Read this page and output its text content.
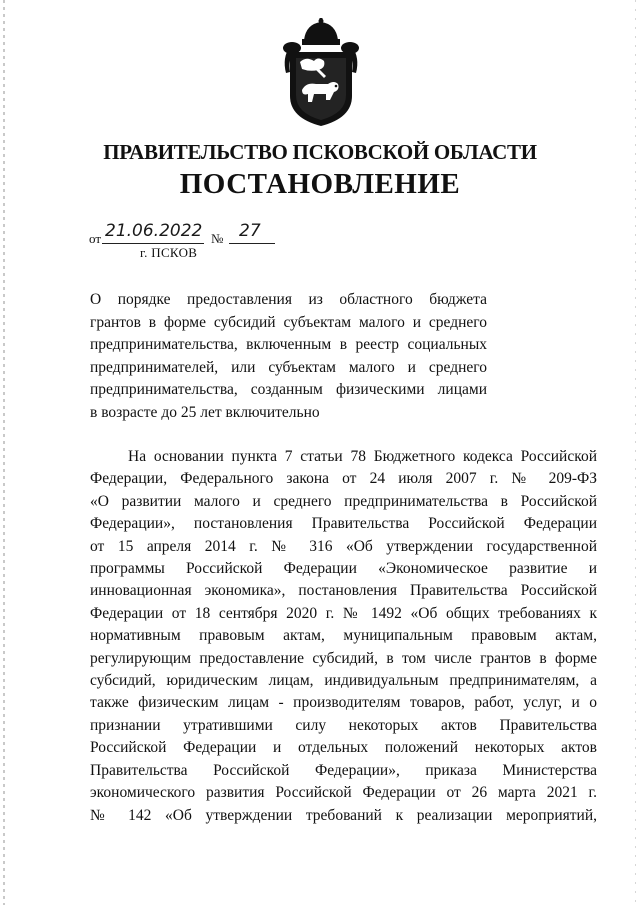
ПРАВИТЕЛЬСТВО ПСКОВСКОЙ ОБЛАСТИ
ПОСТАНОВЛЕНИЕ
от 21.06.2022 № 27
г. ПСКОВ
О порядке предоставления из областного бюджета
грантов в форме субсидий субъектам малого и среднего
предпринимательства, включенным в реестр социальных
предпринимателей, или субъектам малого и среднего
предпринимательства, созданным физическими лицами
в возрасте до 25 лет включительно
На основании пункта 7 статьи 78 Бюджетного кодекса Российской
Федерации, Федерального закона от 24 июля 2007 г. № 209-ФЗ
«О развитии малого и среднего предпринимательства в Российской
Федерации», постановления Правительства Российской Федерации
от 15 апреля 2014 г. № 316 «Об утверждении государственной
программы Российской Федерации «Экономическое развитие и
инновационная экономика», постановления Правительства Российской
Федерации от 18 сентября 2020 г. № 1492 «Об общих требованиях к
нормативным правовым актам, муниципальным правовым актам,
регулирующим предоставление субсидий, в том числе грантов в форме
субсидий, юридическим лицам, индивидуальным предпринимателям, а
также физическим лицам - производителям товаров, работ, услуг, и о
признании утратившими силу некоторых актов Правительства
Российской Федерации и отдельных положений некоторых актов
Правительства Российской Федерации», приказа Министерства
экономического развития Российской Федерации от 26 марта 2021 г.
№ 142 «Об утверждении требований к реализации мероприятий,
